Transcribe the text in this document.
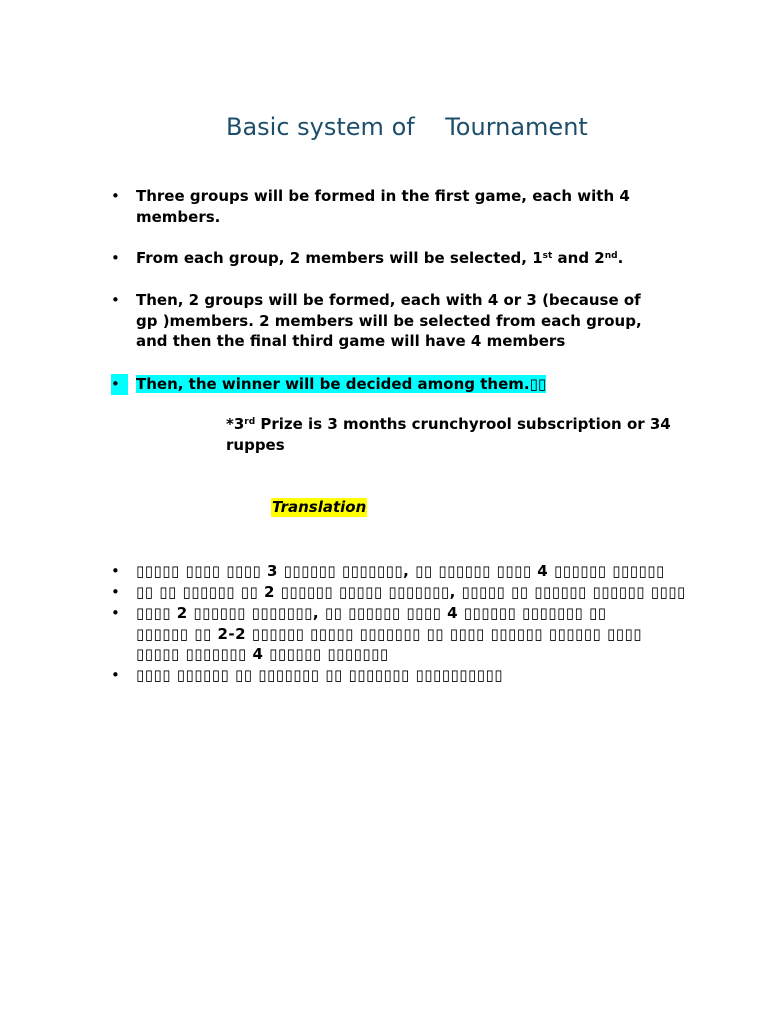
Basic system of    Tournament
• Three groups will be formed in the first game, each with 4 members.

• From each group, 2 members will be selected, 1st and 2nd.

• Then, 2 groups will be formed, each with 4 or 3 (because of gp )members. 2 members will be selected from each group, and then the final third game will have 4 members

•	Then, the winner will be decided among them.▯▯

*3rd Prize is 3 months crunchyrool subscription or 34 ruppes
Translation
• ▯▯▯▯▯ ▯▯▯▯ ▯▯▯▯ 3 ▯▯▯▯▯▯ ▯▯▯▯▯▯▯, ▯▯ ▯▯▯▯▯▯ ▯▯▯▯ 4 ▯▯▯▯▯▯ ▯▯▯▯▯▯

• ▯▯ ▯▯ ▯▯▯▯▯▯ ▯▯ 2 ▯▯▯▯▯▯ ▯▯▯▯▯ ▯▯▯▯▯▯▯, ▯▯▯▯▯ ▯▯ ▯▯▯▯▯▯ ▯▯▯▯▯▯ ▯▯▯▯

• ▯▯▯▯ 2 ▯▯▯▯▯▯ ▯▯▯▯▯▯▯, ▯▯ ▯▯▯▯▯▯ ▯▯▯▯ 4 ▯▯▯▯▯▯ ▯▯▯▯▯▯▯ ▯▯ ▯▯▯▯▯▯ ▯▯ 2-2 ▯▯▯▯▯▯ ▯▯▯▯▯ ▯▯▯▯▯▯▯ ▯▯ ▯▯▯▯ ▯▯▯▯▯▯ ▯▯▯▯▯▯ ▯▯▯▯ ▯▯▯▯▯ ▯▯▯▯▯▯▯ 4 ▯▯▯▯▯▯ ▯▯▯▯▯▯▯

• ▯▯▯▯ ▯▯▯▯▯▯ ▯▯ ▯▯▯▯▯▯▯ ▯▯ ▯▯▯▯▯▯▯ ▯▯▯▯▯▯▯▯▯▯
